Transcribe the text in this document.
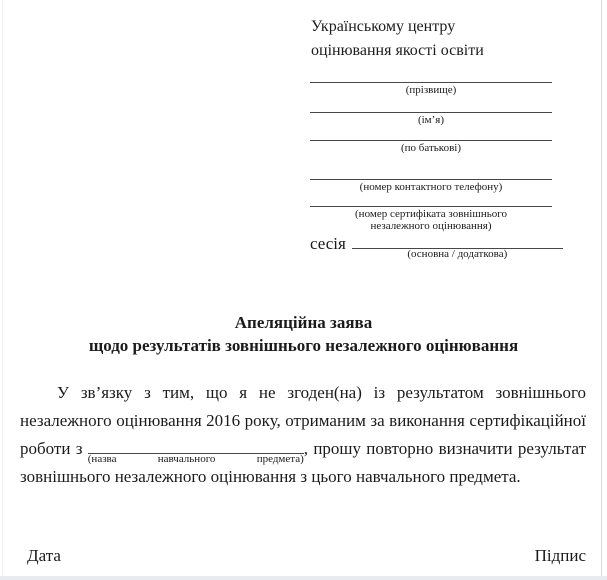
Українському центру
оцінювання якості освіти
(прізвище)
(ім’я)
(по батькові)
(номер контактного телефону)
(номер сертифіката зовнішнього
незалежного оцінювання)
сесія
(основна / додаткова)
Апеляційна заява
щодо результатів зовнішнього незалежного оцінювання
У зв’язку з тим, що я не згоден(на) із результатом зовнішнього
незалежного оцінювання 2016 року, отриманим за виконання сертифікаційної
роботи з
(назва навчального предмета)
, прошу повторно визначити результат
зовнішнього незалежного оцінювання з цього навчального предмета.
Дата	Підпис
